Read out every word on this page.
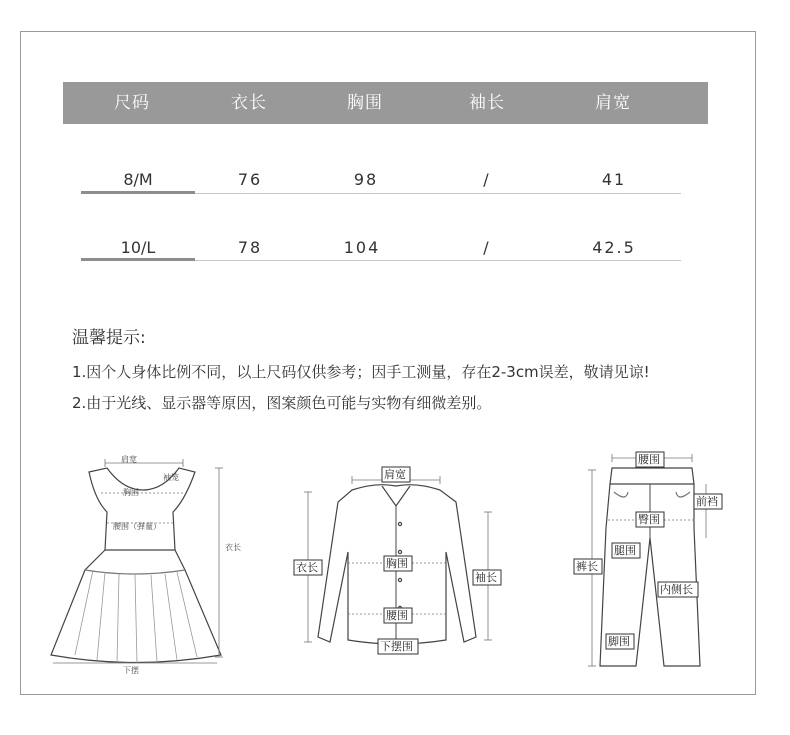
尺码	衣长	胸围	袖长	肩宽
8/M	76	98	/	41
10/L	78	104	/	42.5
温馨提示:
1.因个人身体比例不同，以上尺码仅供参考；因手工测量，存在2-3cm误差，敬请见谅!
2.由于光线、显示器等原因，图案颜色可能与实物有细微差别。
肩宽
胸围
腰围（弹量）
袖笼
衣长
下摆
肩宽
衣长	胸围
袖长
腰围
下摆围
腰围
前裆
臀围
腿围
裤长
内侧长
脚围
